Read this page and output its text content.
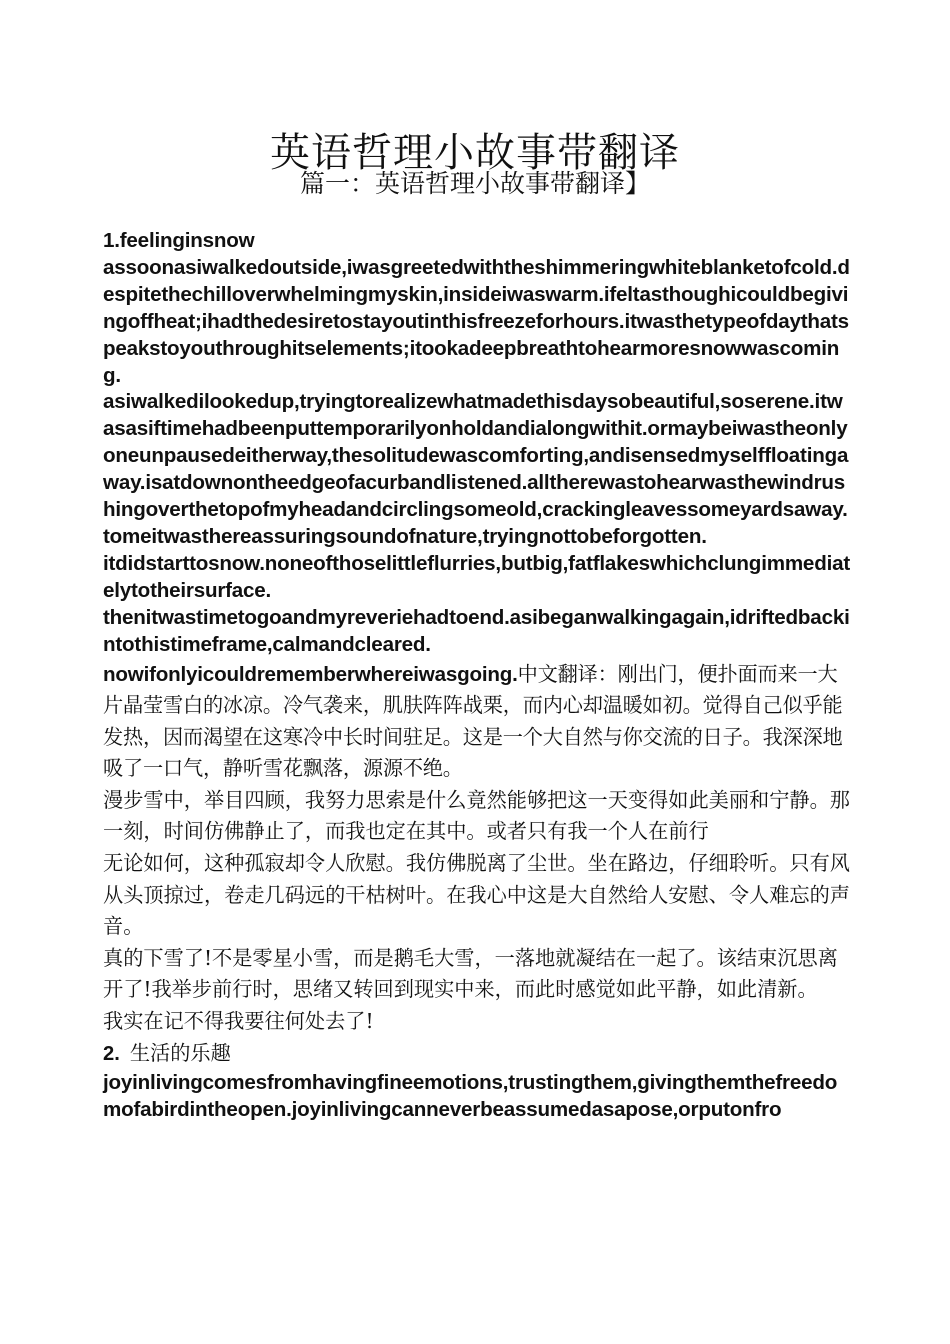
英语哲理小故事带翻译
篇一：英语哲理小故事带翻译】

1.feelinginsnow

assoonasiwalkedoutside,iwasgreetedwiththeshimmeringwhiteblanketofcold.despitethechilloverwhelmingmyskin,insideiwaswarm.ifeltasthoughicouldbegivingoffheat;ihadthedesiretostayoutinthisfreezeforhours.itwasthetypeofdaythatspeakstoyouthroughitselements;itookadeepbreathtohearmoresnowwascoming.

asiwalkedilookedup,tryingtorealizewhatmadethisdaysobeautiful,soserene.itwasasiftimehadbeenputtemporarilyonholdandialongwithit.ormaybeiwastheonlyoneunpausedeitherway,thesolitudewascomforting,andisensedmyselffloatingaway.isatdownontheedgeofacurbandlistened.alltherewastohearwasthewindrushingoverthetopofmyheadandcirclingsomeold,crackingleavessomeyardsaway.tomeitwasthereassuringsoundofnature,tryingnottobeforgotten.

itdidstarttosnow.noneofthoselittleflurries,butbig,fatflakeswhichclungimmediatelytotheirsurface.

thenitwastimetogoandmyreveriehadtoend.asibeganwalkingagain,idriftedbackintothistimeframe,calmandcleared.

nowifonlyicouldrememberwhereiwasgoing.中文翻译：刚出门，便扑面而来一大片晶莹雪白的冰凉。冷气袭来，肌肤阵阵战栗，而内心却温暖如初。觉得自己似乎能发热，因而渴望在这寒冷中长时间驻足。这是一个大自然与你交流的日子。我深深地吸了一口气，静听雪花飘落，源源不绝。

漫步雪中，举目四顾，我努力思索是什么竟然能够把这一天变得如此美丽和宁静。那一刻，时间仿佛静止了，而我也定在其中。或者只有我一个人在前行

无论如何，这种孤寂却令人欣慰。我仿佛脱离了尘世。坐在路边，仔细聆听。只有风从头顶掠过，卷走几码远的干枯树叶。在我心中这是大自然给人安慰、令人难忘的声音。

真的下雪了!不是零星小雪，而是鹅毛大雪，一落地就凝结在一起了。该结束沉思离开了!我举步前行时，思绪又转回到现实中来，而此时感觉如此平静，如此清新。

我实在记不得我要往何处去了!

2. 生活的乐趣

joyinlivingcomesfromhavingfineemotions,trustingthem,givingthemthefreedomofabirdintheopen.joyinlivingcanneverbeassumedasapose,orputonfro
